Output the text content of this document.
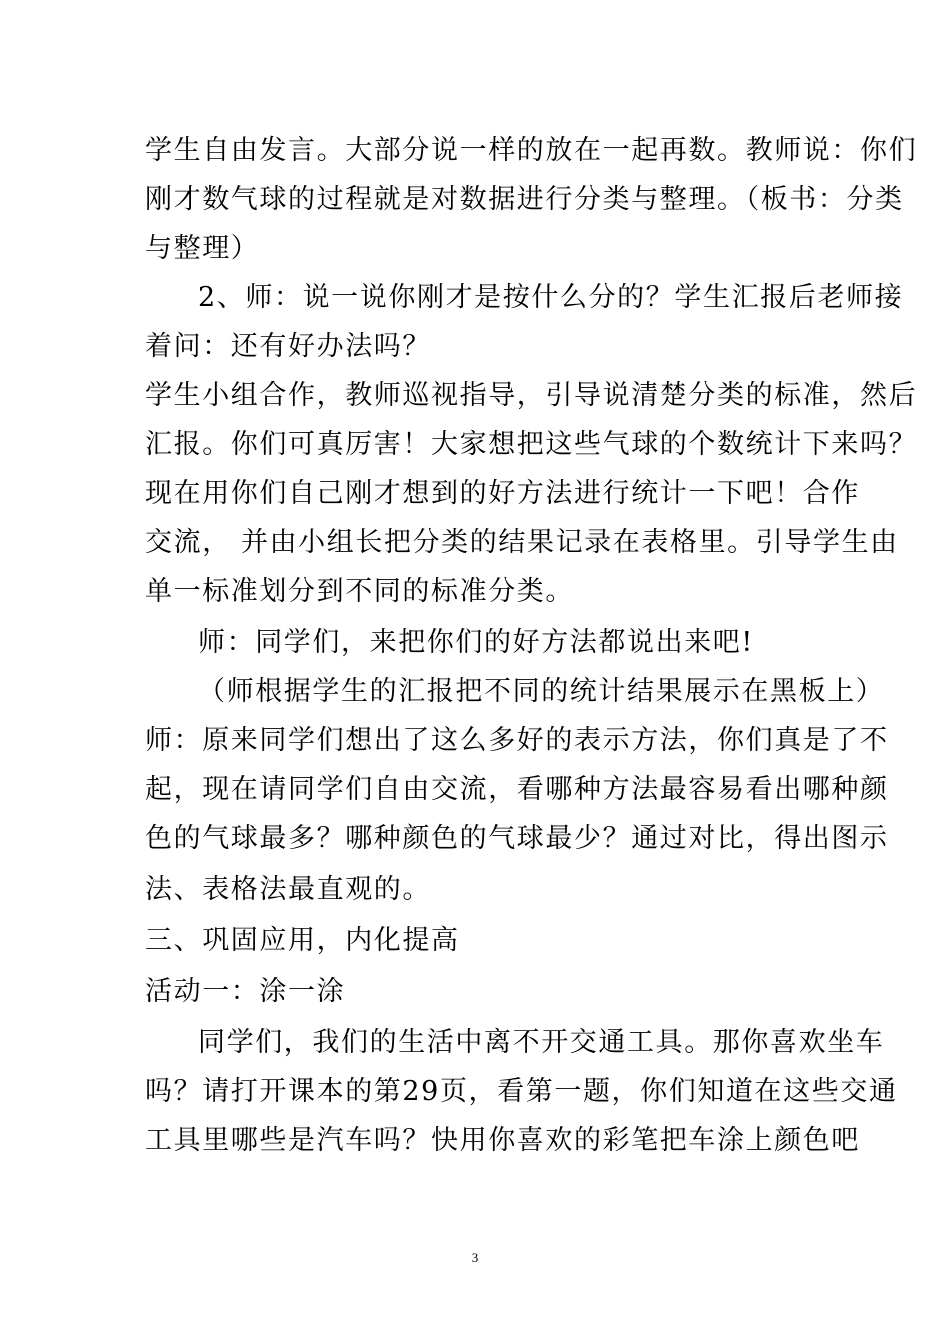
学生自由发言。大部分说一样的放在一起再数。教师说：你们
刚才数气球的过程就是对数据进行分类与整理。（板书：分类
与整理）
2、师：说一说你刚才是按什么分的？学生汇报后老师接
着问：还有好办法吗？
学生小组合作，教师巡视指导，引导说清楚分类的标准，然后
汇报。你们可真厉害！大家想把这些气球的个数统计下来吗？
现在用你们自己刚才想到的好方法进行统计一下吧！合作
交流， 并由小组长把分类的结果记录在表格里。引导学生由
单一标准划分到不同的标准分类。
师：同学们，来把你们的好方法都说出来吧!
（师根据学生的汇报把不同的统计结果展示在黑板上）
师：原来同学们想出了这么多好的表示方法，你们真是了不
起，现在请同学们自由交流，看哪种方法最容易看出哪种颜
色的气球最多？哪种颜色的气球最少？通过对比，得出图示
法、表格法最直观的。
三、巩固应用，内化提高
活动一：涂一涂
同学们，我们的生活中离不开交通工具。那你喜欢坐车
吗？请打开课本的第29页，看第一题，你们知道在这些交通
工具里哪些是汽车吗？快用你喜欢的彩笔把车涂上颜色吧
3
